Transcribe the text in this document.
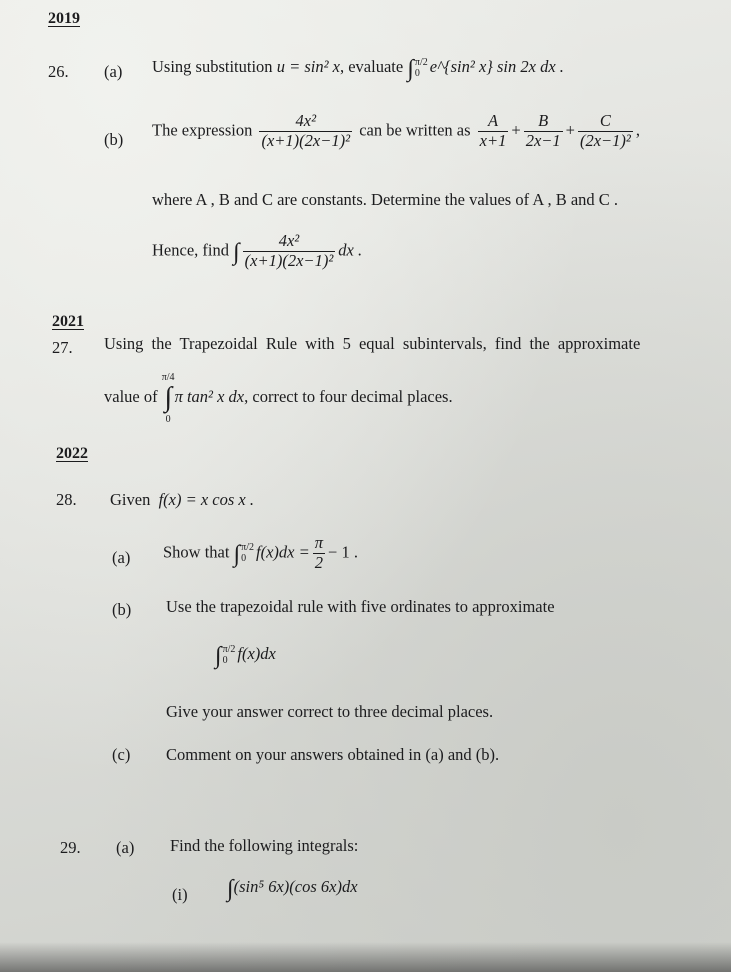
2019
26. (a) Using substitution u = sin² x, evaluate ∫π/2
0 e^{sin² x} sin 2x dx .
(b)
The expression $\frac{\text{4x²}}{\text{(x+1)(2x−1)²}}$ can be written as $\frac{A}{x+1} + \frac{B}{2x-1} + \frac{C}{\text{(2x−1)²}}$ ,
where A , B and C are constants. Determine the values of A , B and C .
Hence, find ∫ $\frac{\text{4x²}}{\text{(x+1)(2x−1)²}}$ dx .
2021
27. Using the Trapezoidal Rule with 5 equal subintervals, find the approximate
value of π/4
∫
0π tan² x dx, correct to four decimal places.
2022
28. Given f(x) = x cos x .
(a) Show that ∫π/2
0 $f(x)dx = \frac{\pi}{2} - 1$ .
(b) Use the trapezoidal rule with five ordinates to approximate
∫π/2
0 f(x)dx
Give your answer correct to three decimal places.
(c) Comment on your answers obtained in (a) and (b).
29. (a) Find the following integrals:
(i) ∫(sin⁵ 6x)(cos 6x)dx
